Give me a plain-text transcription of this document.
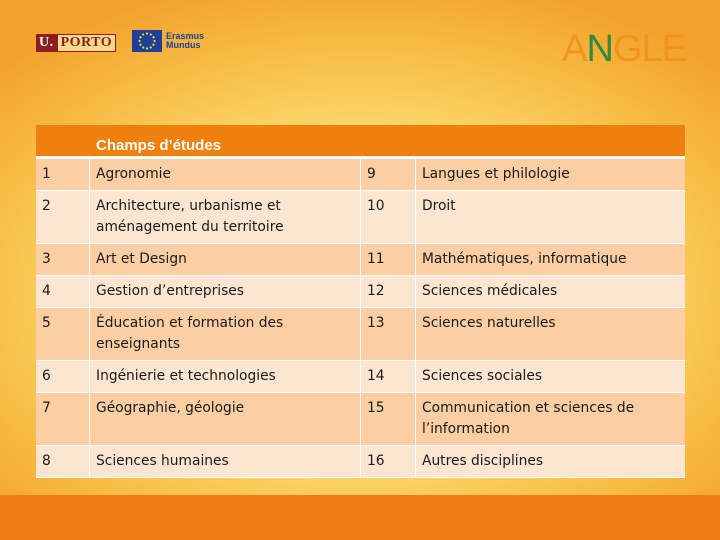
U. PORTO	Erasmus
Mundus	ANGLE
	Champs d’études		
1	Agronomie	9	Langues et philologie
2	Architecture, urbanisme et aménagement du territoire	10	Droit
3	Art et Design	11	Mathématiques, informatique
4	Gestion d’entreprises	12	Sciences médicales
5	Éducation et formation des enseignants	13	Sciences naturelles
6	Ingénierie et technologies	14	Sciences sociales
7	Géographie, géologie	15	Communication et sciences de l’information
8	Sciences humaines	16	Autres disciplines
